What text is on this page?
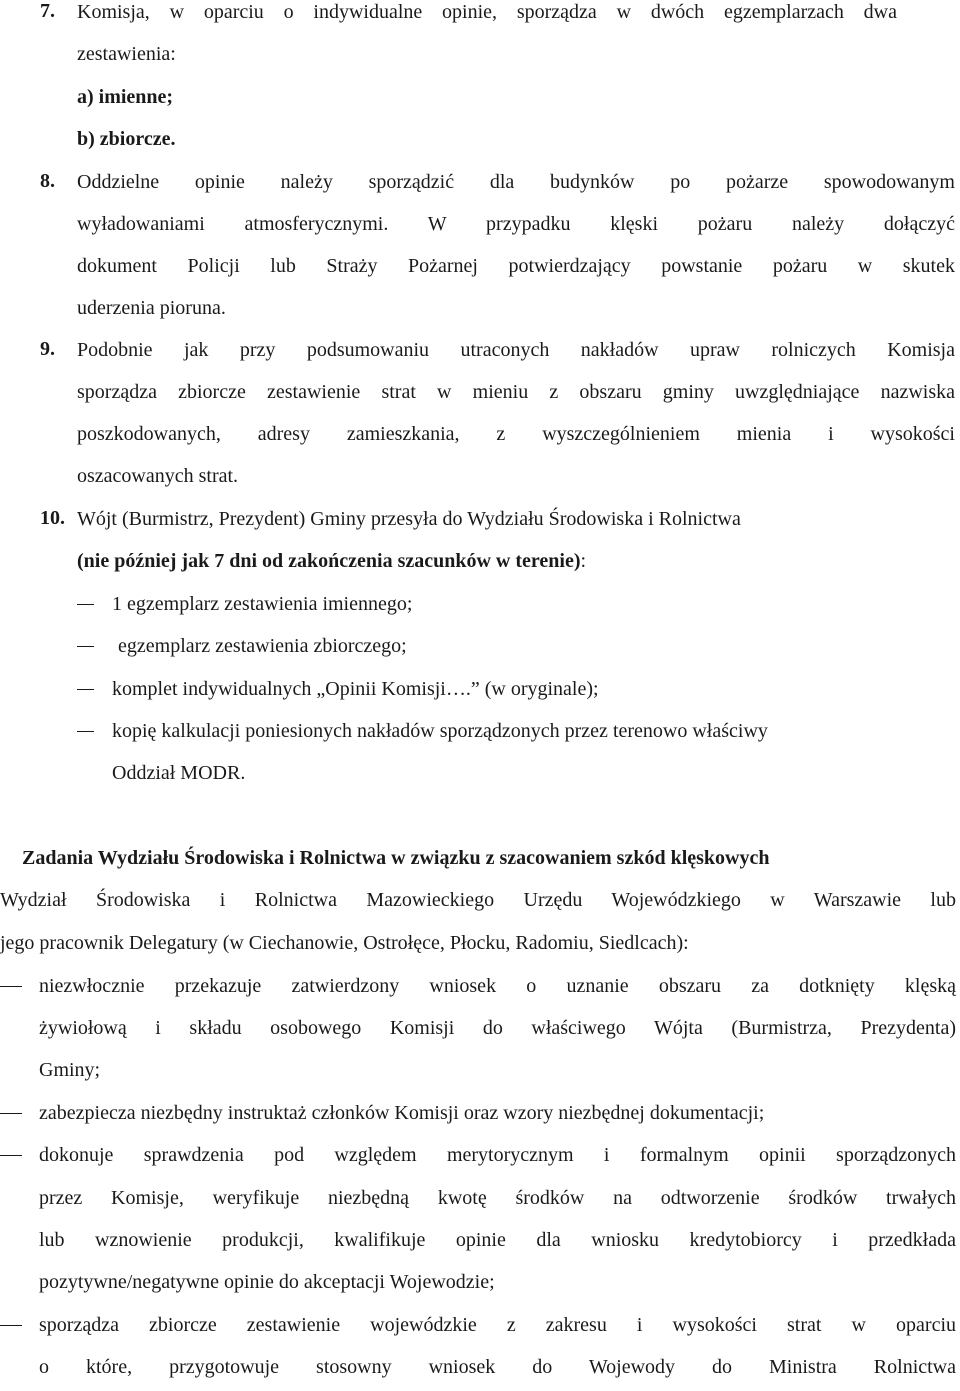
7. Komisja, w oparciu o indywidualne opinie, sporządza w dwóch egzemplarzach dwa
zestawienia:
a) imienne;
b) zbiorcze.
8. Oddzielne opinie należy sporządzić dla budynków po pożarze spowodowanym
wyładowaniami atmosferycznymi. W przypadku klęski pożaru należy dołączyć
dokument Policji lub Straży Pożarnej potwierdzający powstanie pożaru w skutek
uderzenia pioruna.
9. Podobnie jak przy podsumowaniu utraconych nakładów upraw rolniczych Komisja
sporządza zbiorcze zestawienie strat w mieniu z obszaru gminy uwzględniające nazwiska
poszkodowanych, adresy zamieszkania, z wyszczególnieniem mienia i wysokości
oszacowanych strat.
10. Wójt (Burmistrz, Prezydent) Gminy przesyła do Wydziału Środowiska i Rolnictwa
(nie później jak 7 dni od zakończenia szacunków w terenie):
1 egzemplarz zestawienia imiennego;
egzemplarz zestawienia zbiorczego;
komplet indywidualnych „Opinii Komisji….” (w oryginale);
kopię kalkulacji poniesionych nakładów sporządzonych przez terenowo właściwy
Oddział MODR.
Zadania Wydziału Środowiska i Rolnictwa w związku z szacowaniem szkód klęskowych
Wydział Środowiska i Rolnictwa Mazowieckiego Urzędu Wojewódzkiego w Warszawie lub
jego pracownik Delegatury (w Ciechanowie, Ostrołęce, Płocku, Radomiu, Siedlcach):
niezwłocznie przekazuje zatwierdzony wniosek o uznanie obszaru za dotknięty klęską
żywiołową i składu osobowego Komisji do właściwego Wójta (Burmistrza, Prezydenta)
Gminy;
zabezpiecza niezbędny instruktaż członków Komisji oraz wzory niezbędnej dokumentacji;
dokonuje sprawdzenia pod względem merytorycznym i formalnym opinii sporządzonych
przez Komisje, weryfikuje niezbędną kwotę środków na odtworzenie środków trwałych
lub wznowienie produkcji, kwalifikuje opinie dla wniosku kredytobiorcy i przedkłada
pozytywne/negatywne opinie do akceptacji Wojewodzie;
sporządza zbiorcze zestawienie wojewódzkie z zakresu i wysokości strat w oparciu
o które, przygotowuje stosowny wniosek do Wojewody do Ministra Rolnictwa
